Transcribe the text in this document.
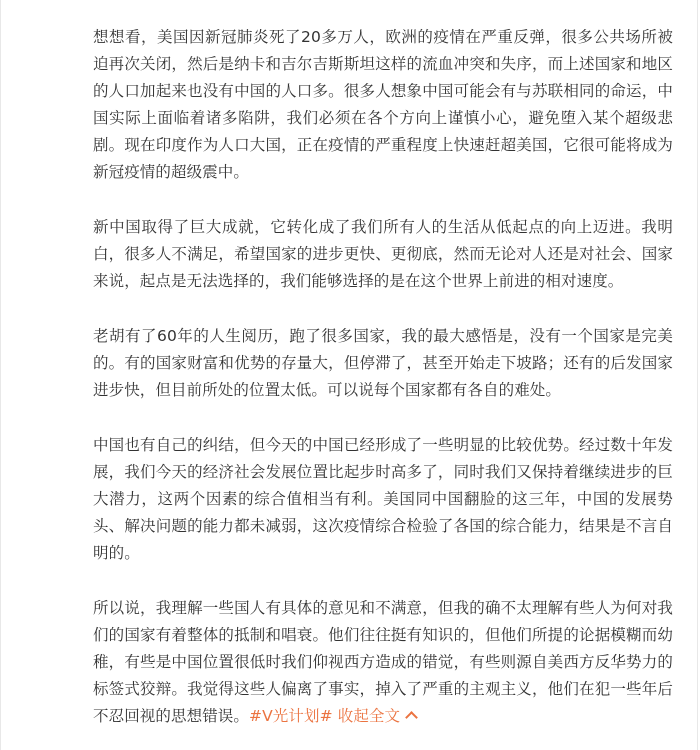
想想看，美国因新冠肺炎死了20多万人，欧洲的疫情在严重反弹，很多公共场所被迫再次关闭，然后是纳卡和吉尔吉斯斯坦这样的流血冲突和失序，而上述国家和地区的人口加起来也没有中国的人口多。很多人想象中国可能会有与苏联相同的命运，中国实际上面临着诸多陷阱，我们必须在各个方向上谨慎小心，避免堕入某个超级悲剧。现在印度作为人口大国，正在疫情的严重程度上快速赶超美国，它很可能将成为新冠疫情的超级震中。

新中国取得了巨大成就，它转化成了我们所有人的生活从低起点的向上迈进。我明白，很多人不满足，希望国家的进步更快、更彻底，然而无论对人还是对社会、国家来说，起点是无法选择的，我们能够选择的是在这个世界上前进的相对速度。

老胡有了60年的人生阅历，跑了很多国家，我的最大感悟是，没有一个国家是完美的。有的国家财富和优势的存量大，但停滞了，甚至开始走下坡路；还有的后发国家进步快，但目前所处的位置太低。可以说每个国家都有各自的难处。

中国也有自己的纠结，但今天的中国已经形成了一些明显的比较优势。经过数十年发展，我们今天的经济社会发展位置比起步时高多了，同时我们又保持着继续进步的巨大潜力，这两个因素的综合值相当有利。美国同中国翻脸的这三年，中国的发展势头、解决问题的能力都未减弱，这次疫情综合检验了各国的综合能力，结果是不言自明的。

所以说，我理解一些国人有具体的意见和不满意，但我的确不太理解有些人为何对我们的国家有着整体的抵制和唱衰。他们往往挺有知识的，但他们所提的论据模糊而幼稚，有些是中国位置很低时我们仰视西方造成的错觉，有些则源自美西方反华势力的标签式狡辩。我觉得这些人偏离了事实，掉入了严重的主观主义，他们在犯一些年后不忍回视的思想错误。#V光计划# 收起全文
